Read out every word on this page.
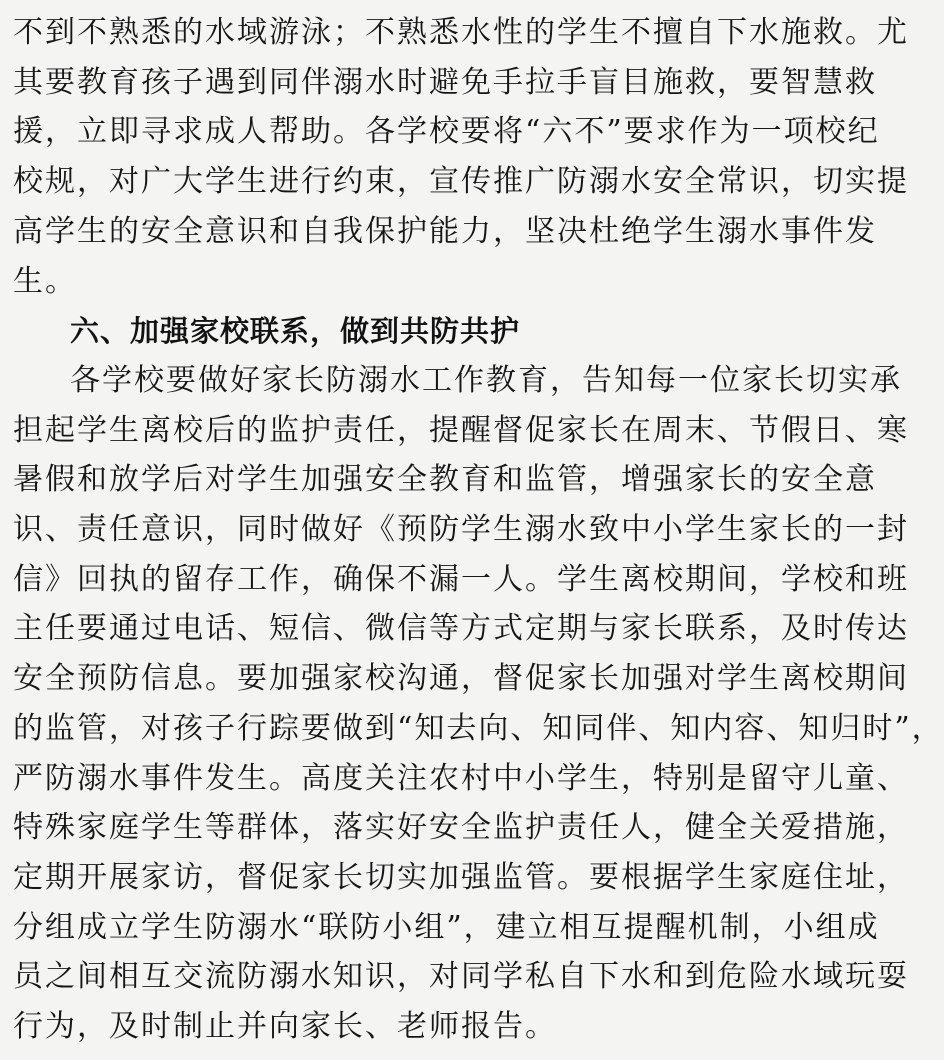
不到不熟悉的水域游泳；不熟悉水性的学生不擅自下水施救。尤
其要教育孩子遇到同伴溺水时避免手拉手盲目施救，要智慧救
援，立即寻求成人帮助。各学校要将“六不”要求作为一项校纪
校规，对广大学生进行约束，宣传推广防溺水安全常识，切实提
高学生的安全意识和自我保护能力，坚决杜绝学生溺水事件发
生。
六、加强家校联系，做到共防共护
各学校要做好家长防溺水工作教育，告知每一位家长切实承
担起学生离校后的监护责任，提醒督促家长在周末、节假日、寒
暑假和放学后对学生加强安全教育和监管，增强家长的安全意
识、责任意识，同时做好《预防学生溺水致中小学生家长的一封
信》回执的留存工作，确保不漏一人。学生离校期间，学校和班
主任要通过电话、短信、微信等方式定期与家长联系，及时传达
安全预防信息。要加强家校沟通，督促家长加强对学生离校期间
的监管，对孩子行踪要做到“知去向、知同伴、知内容、知归时”，
严防溺水事件发生。高度关注农村中小学生，特别是留守儿童、
特殊家庭学生等群体，落实好安全监护责任人，健全关爱措施，
定期开展家访，督促家长切实加强监管。要根据学生家庭住址，
分组成立学生防溺水“联防小组”，建立相互提醒机制，小组成
员之间相互交流防溺水知识，对同学私自下水和到危险水域玩耍
行为，及时制止并向家长、老师报告。
